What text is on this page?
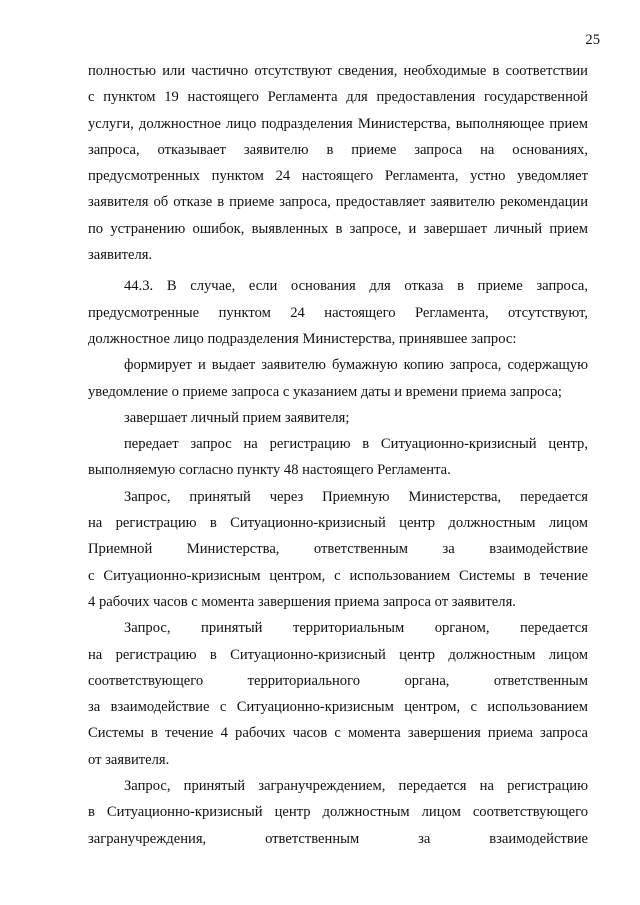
25
полностью или частично отсутствуют сведения, необходимые в соответствии
с пунктом 19 настоящего Регламента для предоставления государственной
услуги, должностное лицо подразделения Министерства, выполняющее прием
запроса, отказывает заявителю в приеме запроса на основаниях,
предусмотренных пунктом 24 настоящего Регламента, устно уведомляет
заявителя об отказе в приеме запроса, предоставляет заявителю рекомендации
по устранению ошибок, выявленных в запросе, и завершает личный прием
заявителя.
44.3. В случае, если основания для отказа в приеме запроса,
предусмотренные пунктом 24 настоящего Регламента, отсутствуют,
должностное лицо подразделения Министерства, принявшее запрос:
формирует и выдает заявителю бумажную копию запроса, содержащую
уведомление о приеме запроса с указанием даты и времени приема запроса;
завершает личный прием заявителя;
передает запрос на регистрацию в Ситуационно-кризисный центр,
выполняемую согласно пункту 48 настоящего Регламента.
Запрос, принятый через Приемную Министерства, передается
на регистрацию в Ситуационно-кризисный центр должностным лицом
Приемной Министерства, ответственным за взаимодействие
с Ситуационно-кризисным центром, с использованием Системы в течение
4 рабочих часов с момента завершения приема запроса от заявителя.
Запрос, принятый территориальным органом, передается
на регистрацию в Ситуационно-кризисный центр должностным лицом
соответствующего территориального органа, ответственным
за взаимодействие с Ситуационно-кризисным центром, с использованием
Системы в течение 4 рабочих часов с момента завершения приема запроса
от заявителя.
Запрос, принятый загранучреждением, передается на регистрацию
в Ситуационно-кризисный центр должностным лицом соответствующего
загранучреждения, ответственным за взаимодействие
